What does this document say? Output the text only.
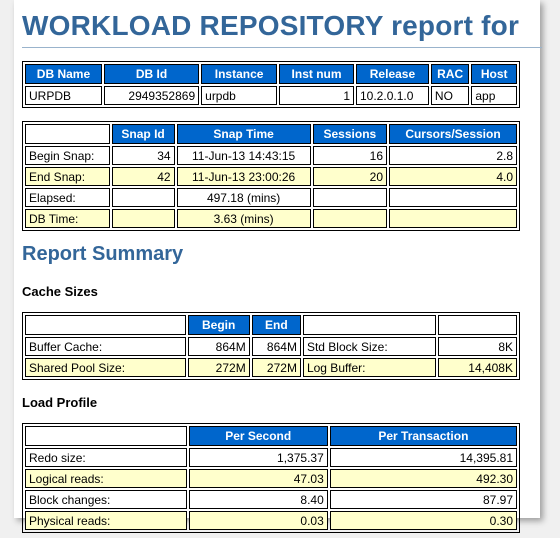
WORKLOAD REPOSITORY report for
DB Name	DB Id	Instance	Inst num	Release	RAC	Host
URPDB	2949352869	urpdb	1	10.2.0.1.0	NO	app
	Snap Id	Snap Time	Sessions	Cursors/Session
Begin Snap:	34	11-Jun-13 14:43:15	16	2.8
End Snap:	42	11-Jun-13 23:00:26	20	4.0
Elapsed:		497.18 (mins)		
DB Time:		3.63 (mins)		
Report Summary
Cache Sizes
	Begin	End		
Buffer Cache:	864M	864M	Std Block Size:	8K
Shared Pool Size:	272M	272M	Log Buffer:	14,408K
Load Profile
	Per Second	Per Transaction
Redo size:	1,375.37	14,395.81
Logical reads:	47.03	492.30
Block changes:	8.40	87.97
Physical reads:	0.03	0.30
